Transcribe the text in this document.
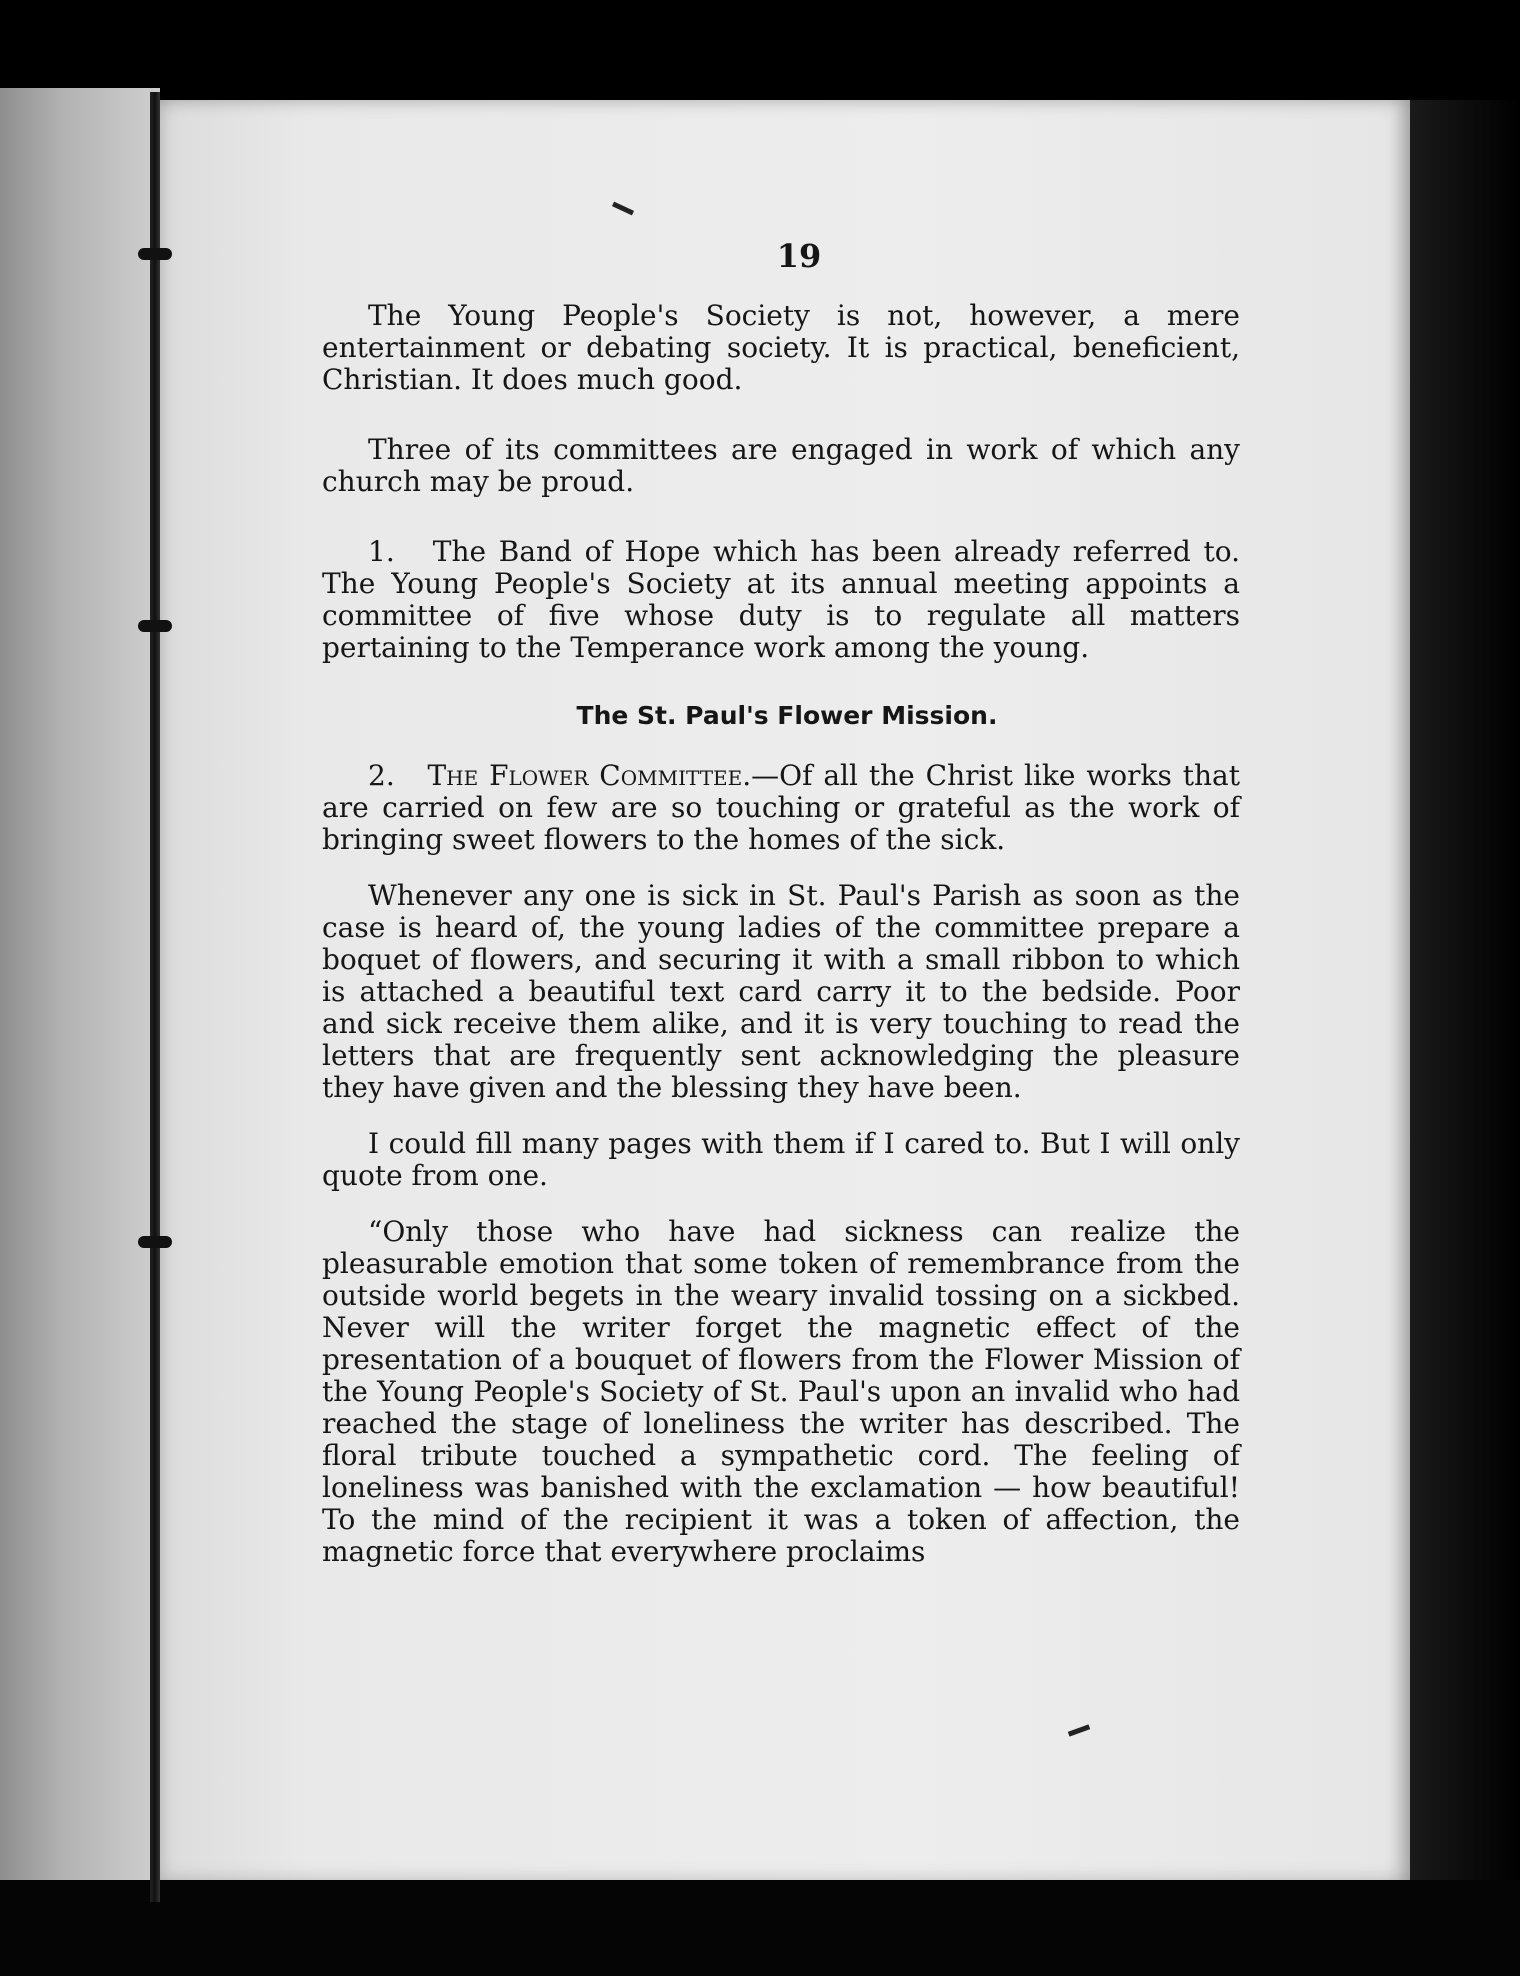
19

The Young People's Society is not, however, a mere entertainment or debating society. It is practical, beneficient, Christian. It does much good.

Three of its committees are engaged in work of which any church may be proud.

1. The Band of Hope which has been already referred to. The Young People's Society at its annual meeting appoints a committee of five whose duty is to regulate all matters pertaining to the Temperance work among the young.

The St. Paul's Flower Mission.

2. The Flower Committee.—Of all the Christ like works that are carried on few are so touching or grateful as the work of bringing sweet flowers to the homes of the sick.

Whenever any one is sick in St. Paul's Parish as soon as the case is heard of, the young ladies of the committee prepare a boquet of flowers, and securing it with a small ribbon to which is attached a beautiful text card carry it to the bedside. Poor and sick receive them alike, and it is very touching to read the letters that are frequently sent acknowledging the pleasure they have given and the blessing they have been.

I could fill many pages with them if I cared to. But I will only quote from one.

“Only those who have had sickness can realize the pleasurable emotion that some token of remembrance from the outside world begets in the weary invalid tossing on a sickbed. Never will the writer forget the magnetic effect of the presentation of a bouquet of flowers from the Flower Mission of the Young People's Society of St. Paul's upon an invalid who had reached the stage of loneliness the writer has described. The floral tribute touched a sympathetic cord. The feeling of loneliness was banished with the exclamation — how beautiful! To the mind of the recipient it was a token of affection, the magnetic force that everywhere proclaims
